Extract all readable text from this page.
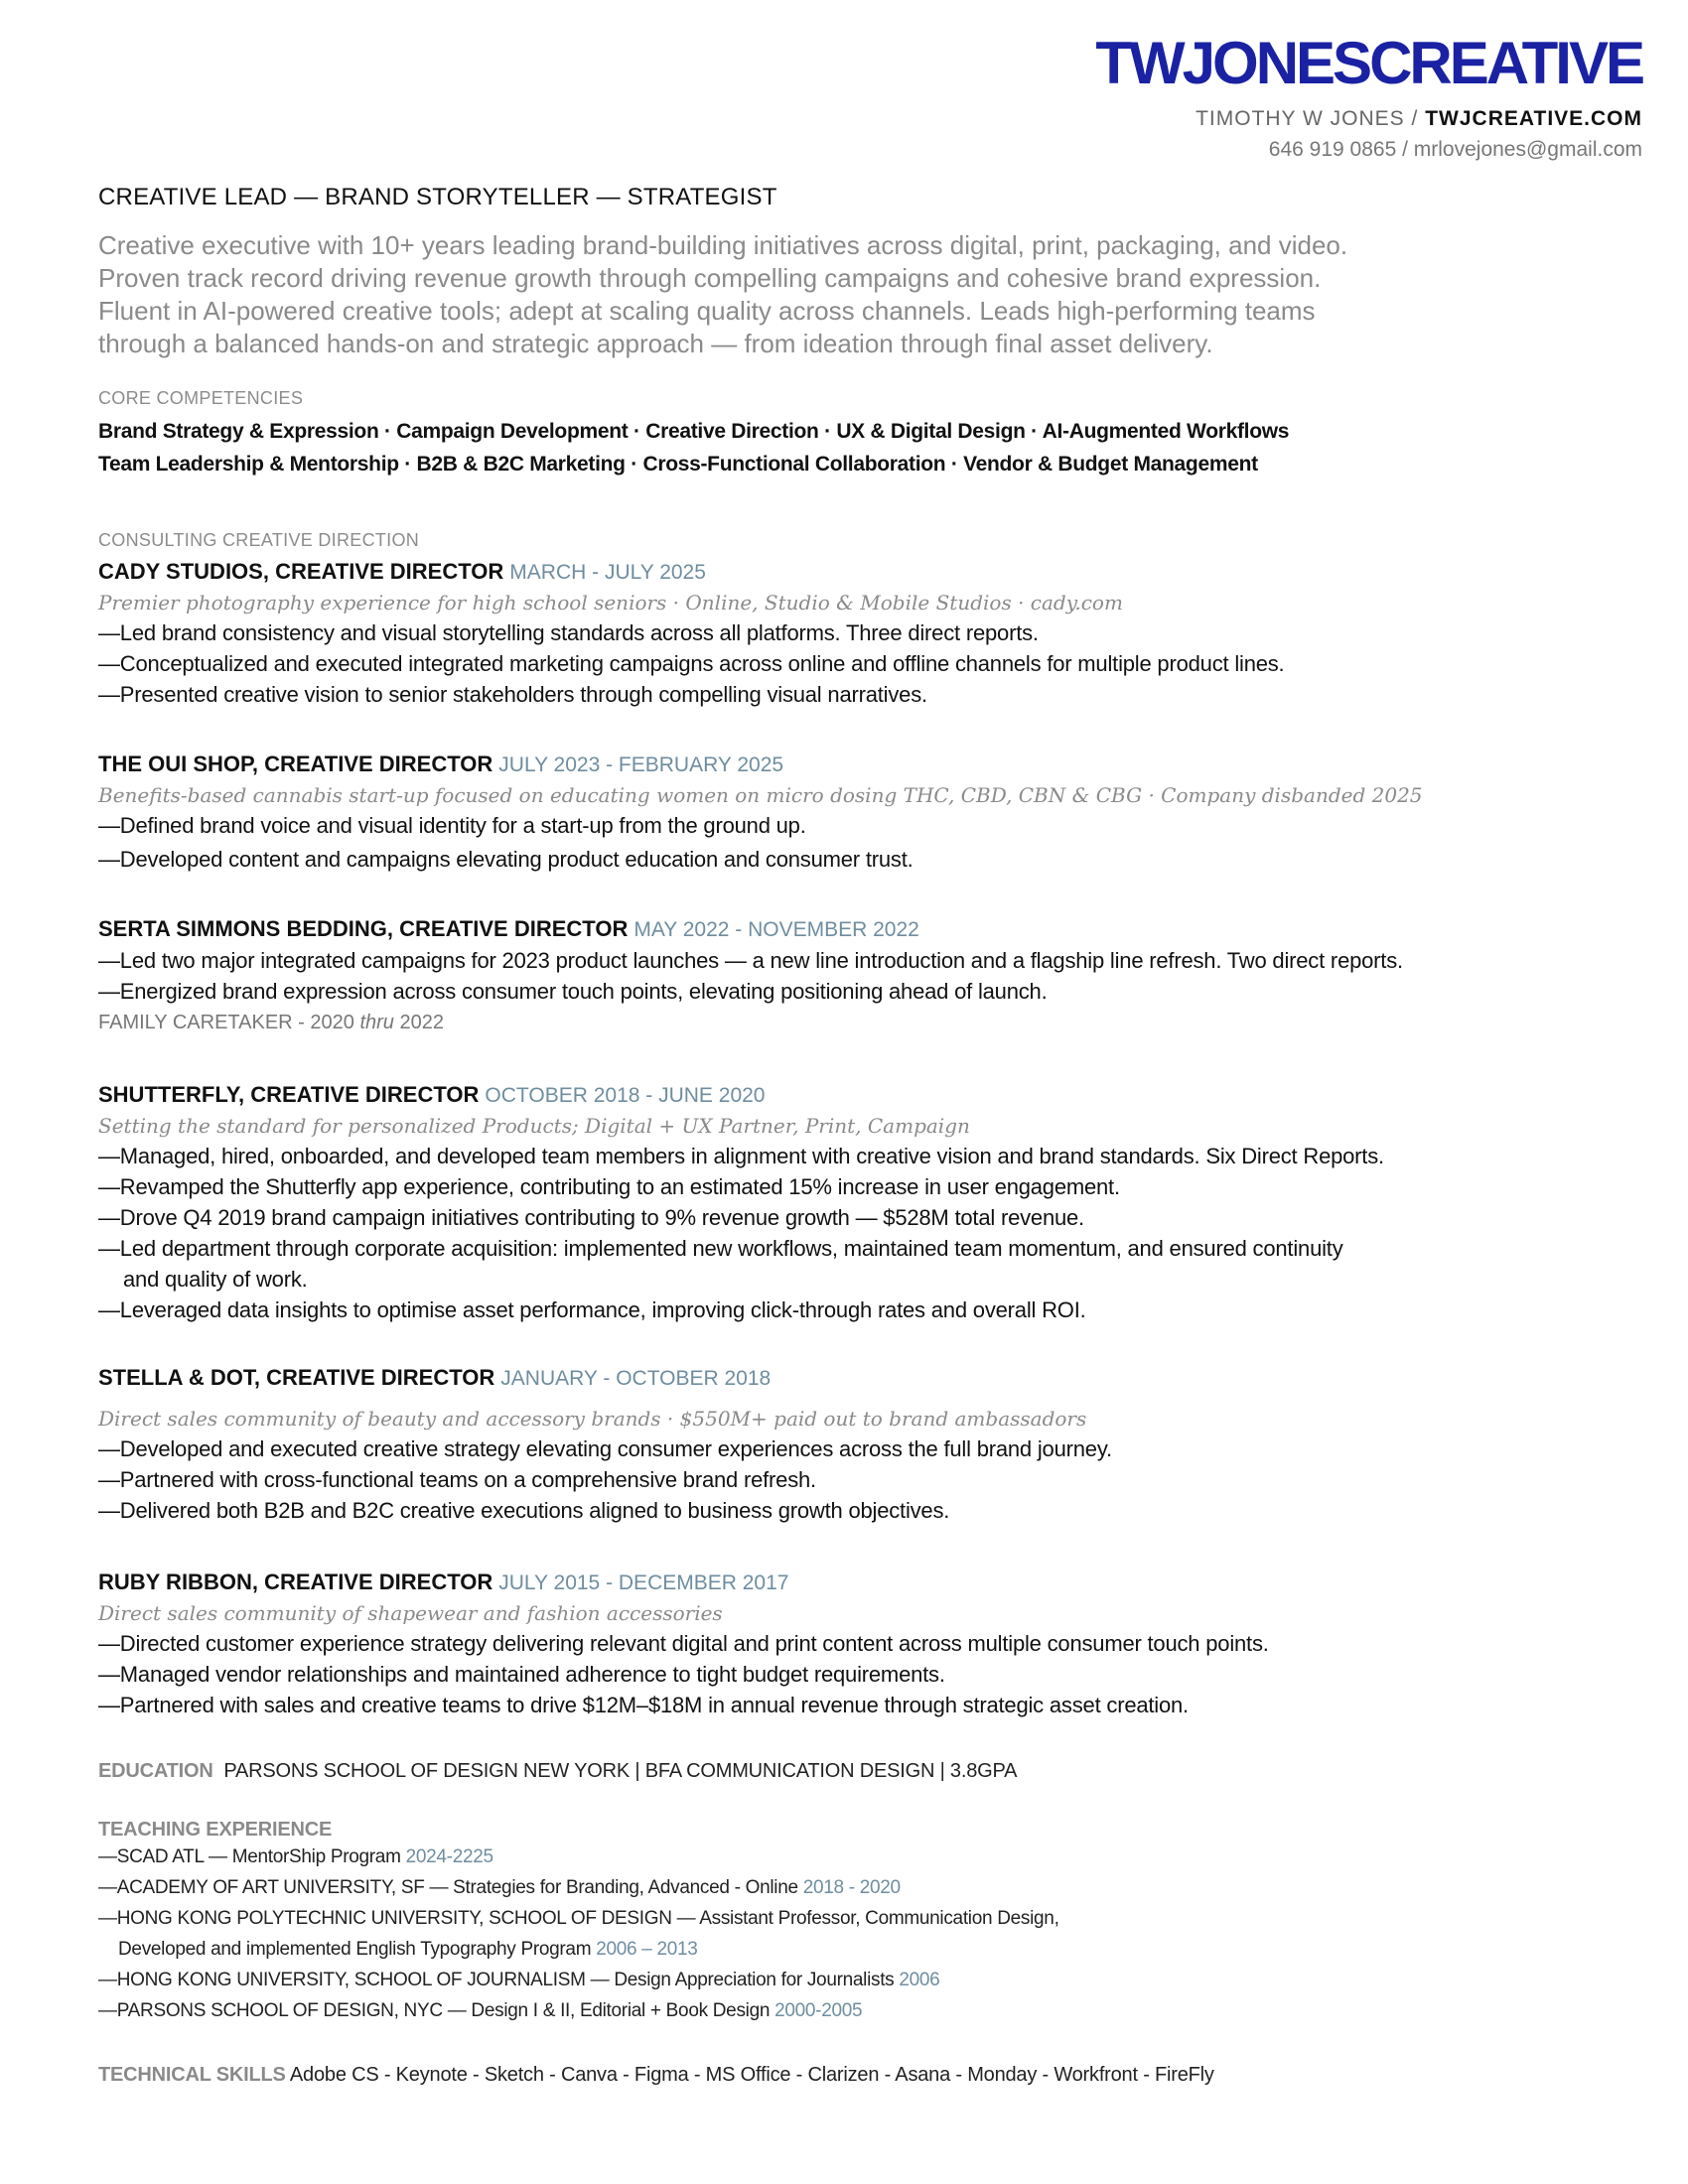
TWJONESCREATIVE
TIMOTHY W JONES / TWJCREATIVE.COM
646 919 0865 / mrlovejones@gmail.com
CREATIVE LEAD — BRAND STORYTELLER — STRATEGIST
Creative executive with 10+ years leading brand-building initiatives across digital, print, packaging, and video.
Proven track record driving revenue growth through compelling campaigns and cohesive brand expression.
Fluent in AI-powered creative tools; adept at scaling quality across channels. Leads high-performing teams
through a balanced hands-on and strategic approach — from ideation through final asset delivery.
CORE COMPETENCIES
Brand Strategy & Expression · Campaign Development · Creative Direction · UX & Digital Design · AI-Augmented Workflows
Team Leadership & Mentorship · B2B & B2C Marketing · Cross-Functional Collaboration · Vendor & Budget Management
CONSULTING CREATIVE DIRECTION
CADY STUDIOS, CREATIVE DIRECTOR MARCH - JULY 2025
Premier photography experience for high school seniors · Online, Studio & Mobile Studios · cady.com
—Led brand consistency and visual storytelling standards across all platforms. Three direct reports.
—Conceptualized and executed integrated marketing campaigns across online and offline channels for multiple product lines.
—Presented creative vision to senior stakeholders through compelling visual narratives.
THE OUI SHOP, CREATIVE DIRECTOR JULY 2023 - FEBRUARY 2025
Benefits-based cannabis start-up focused on educating women on micro dosing THC, CBD, CBN & CBG · Company disbanded 2025
—Defined brand voice and visual identity for a start-up from the ground up.
—Developed content and campaigns elevating product education and consumer trust.
SERTA SIMMONS BEDDING, CREATIVE DIRECTOR MAY 2022 - NOVEMBER 2022
—Led two major integrated campaigns for 2023 product launches — a new line introduction and a flagship line refresh. Two direct reports.
—Energized brand expression across consumer touch points, elevating positioning ahead of launch.
FAMILY CARETAKER - 2020 thru 2022
SHUTTERFLY, CREATIVE DIRECTOR OCTOBER 2018 - JUNE 2020
Setting the standard for personalized Products; Digital + UX Partner, Print, Campaign
—Managed, hired, onboarded, and developed team members in alignment with creative vision and brand standards. Six Direct Reports.
—Revamped the Shutterfly app experience, contributing to an estimated 15% increase in user engagement.
—Drove Q4 2019 brand campaign initiatives contributing to 9% revenue growth — $528M total revenue.
—Led department through corporate acquisition: implemented new workflows, maintained team momentum, and ensured continuity
and quality of work.
—Leveraged data insights to optimise asset performance, improving click-through rates and overall ROI.
STELLA & DOT, CREATIVE DIRECTOR JANUARY - OCTOBER 2018
Direct sales community of beauty and accessory brands · $550M+ paid out to brand ambassadors
—Developed and executed creative strategy elevating consumer experiences across the full brand journey.
—Partnered with cross-functional teams on a comprehensive brand refresh.
—Delivered both B2B and B2C creative executions aligned to business growth objectives.
RUBY RIBBON, CREATIVE DIRECTOR JULY 2015 - DECEMBER 2017
Direct sales community of shapewear and fashion accessories
—Directed customer experience strategy delivering relevant digital and print content across multiple consumer touch points.
—Managed vendor relationships and maintained adherence to tight budget requirements.
—Partnered with sales and creative teams to drive $12M–$18M in annual revenue through strategic asset creation.
EDUCATION PARSONS SCHOOL OF DESIGN NEW YORK | BFA COMMUNICATION DESIGN | 3.8GPA
TEACHING EXPERIENCE
—SCAD ATL — MentorShip Program 2024-2225
—ACADEMY OF ART UNIVERSITY, SF — Strategies for Branding, Advanced - Online 2018 - 2020
—HONG KONG POLYTECHNIC UNIVERSITY, SCHOOL OF DESIGN — Assistant Professor, Communication Design,
Developed and implemented English Typography Program 2006 – 2013
—HONG KONG UNIVERSITY, SCHOOL OF JOURNALISM — Design Appreciation for Journalists 2006
—PARSONS SCHOOL OF DESIGN, NYC — Design I & II, Editorial + Book Design 2000-2005
TECHNICAL SKILLS Adobe CS - Keynote - Sketch - Canva - Figma - MS Office - Clarizen - Asana - Monday - Workfront - FireFly
